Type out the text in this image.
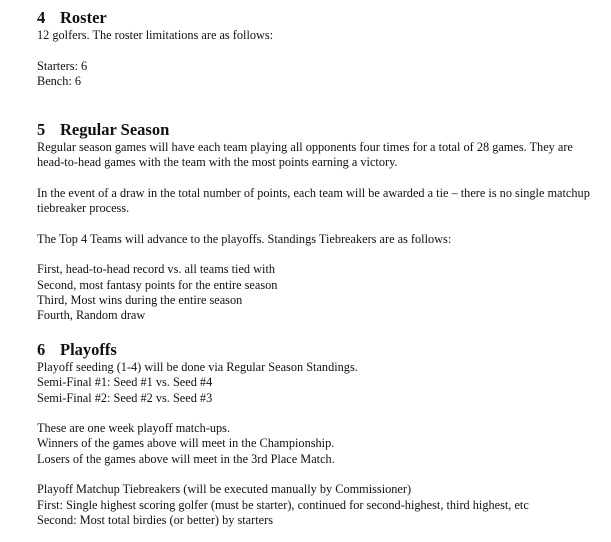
4 Roster

12 golfers. The roster limitations are as follows:

Starters: 6

Bench: 6

5 Regular Season

Regular season games will have each team playing all opponents four times for a total of 28 games. They are head-to-head games with the team with the most points earning a victory.

In the event of a draw in the total number of points, each team will be awarded a tie – there is no single matchup tiebreaker process.

The Top 4 Teams will advance to the playoffs. Standings Tiebreakers are as follows:

First, head-to-head record vs. all teams tied with

Second, most fantasy points for the entire season

Third, Most wins during the entire season

Fourth, Random draw

6 Playoffs

Playoff seeding (1-4) will be done via Regular Season Standings.

Semi-Final #1: Seed #1 vs. Seed #4

Semi-Final #2: Seed #2 vs. Seed #3

These are one week playoff match-ups.

Winners of the games above will meet in the Championship.

Losers of the games above will meet in the 3rd Place Match.

Playoff Matchup Tiebreakers (will be executed manually by Commissioner)

First: Single highest scoring golfer (must be starter), continued for second-highest, third highest, etc

Second: Most total birdies (or better) by starters
